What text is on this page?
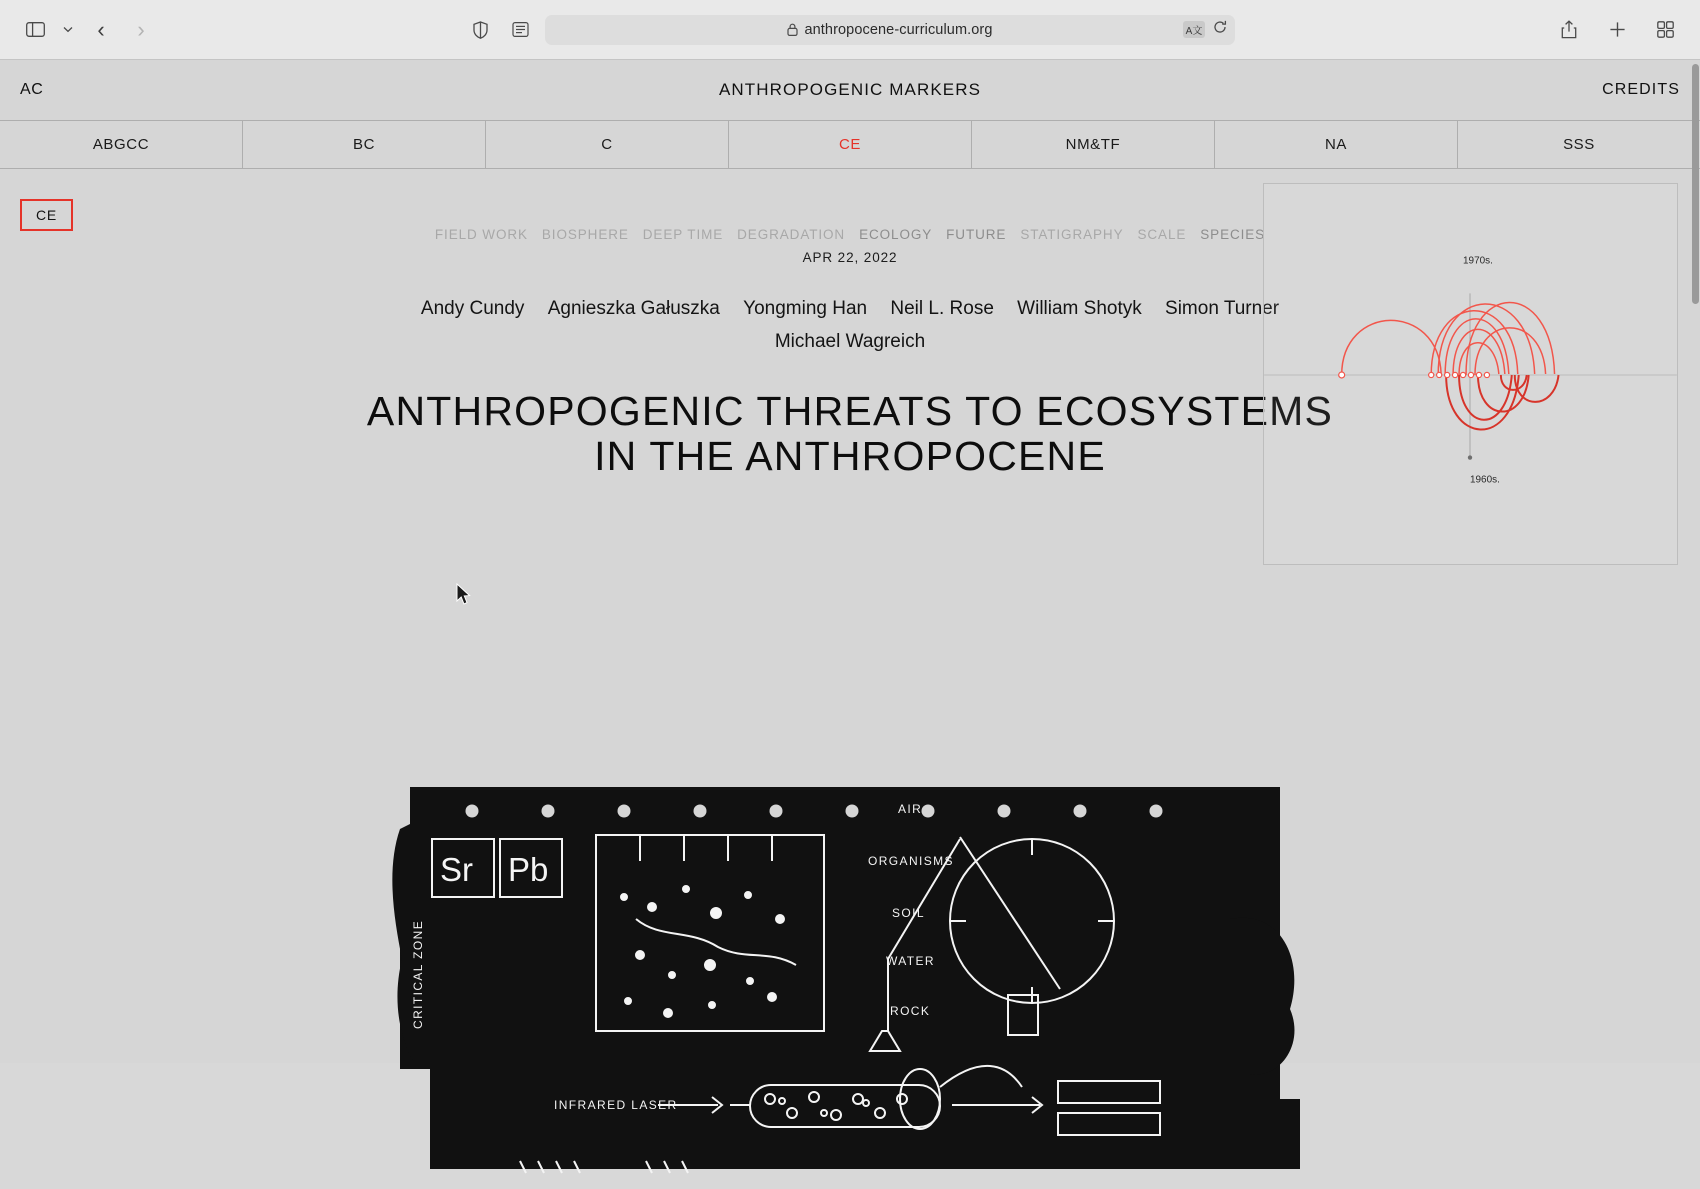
‹ ›	anthropocene-curriculum.org	A文
AC	ANTHROPOGENIC MARKERS	CREDITS
ABGCC	BC	C	CE	NM&TF	NA	SSS
CE
FIELD WORK BIOSPHERE DEEP TIME DEGRADATION ECOLOGY FUTURE STATIGRAPHY SCALE SPECIES
APR 22, 2022
Andy Cundy Agnieszka Gałuszka Yongming Han Neil L. Rose William Shotyk Simon Turner Michael Wagreich
ANTHROPOGENIC THREATS TO ECOSYSTEMS IN THE ANTHROPOCENE
1970s.
1960s.
Sr Pb
AIR
ORGANISMS
SOIL
WATER
ROCK
INFRARED LASER
CRITICAL ZONE
